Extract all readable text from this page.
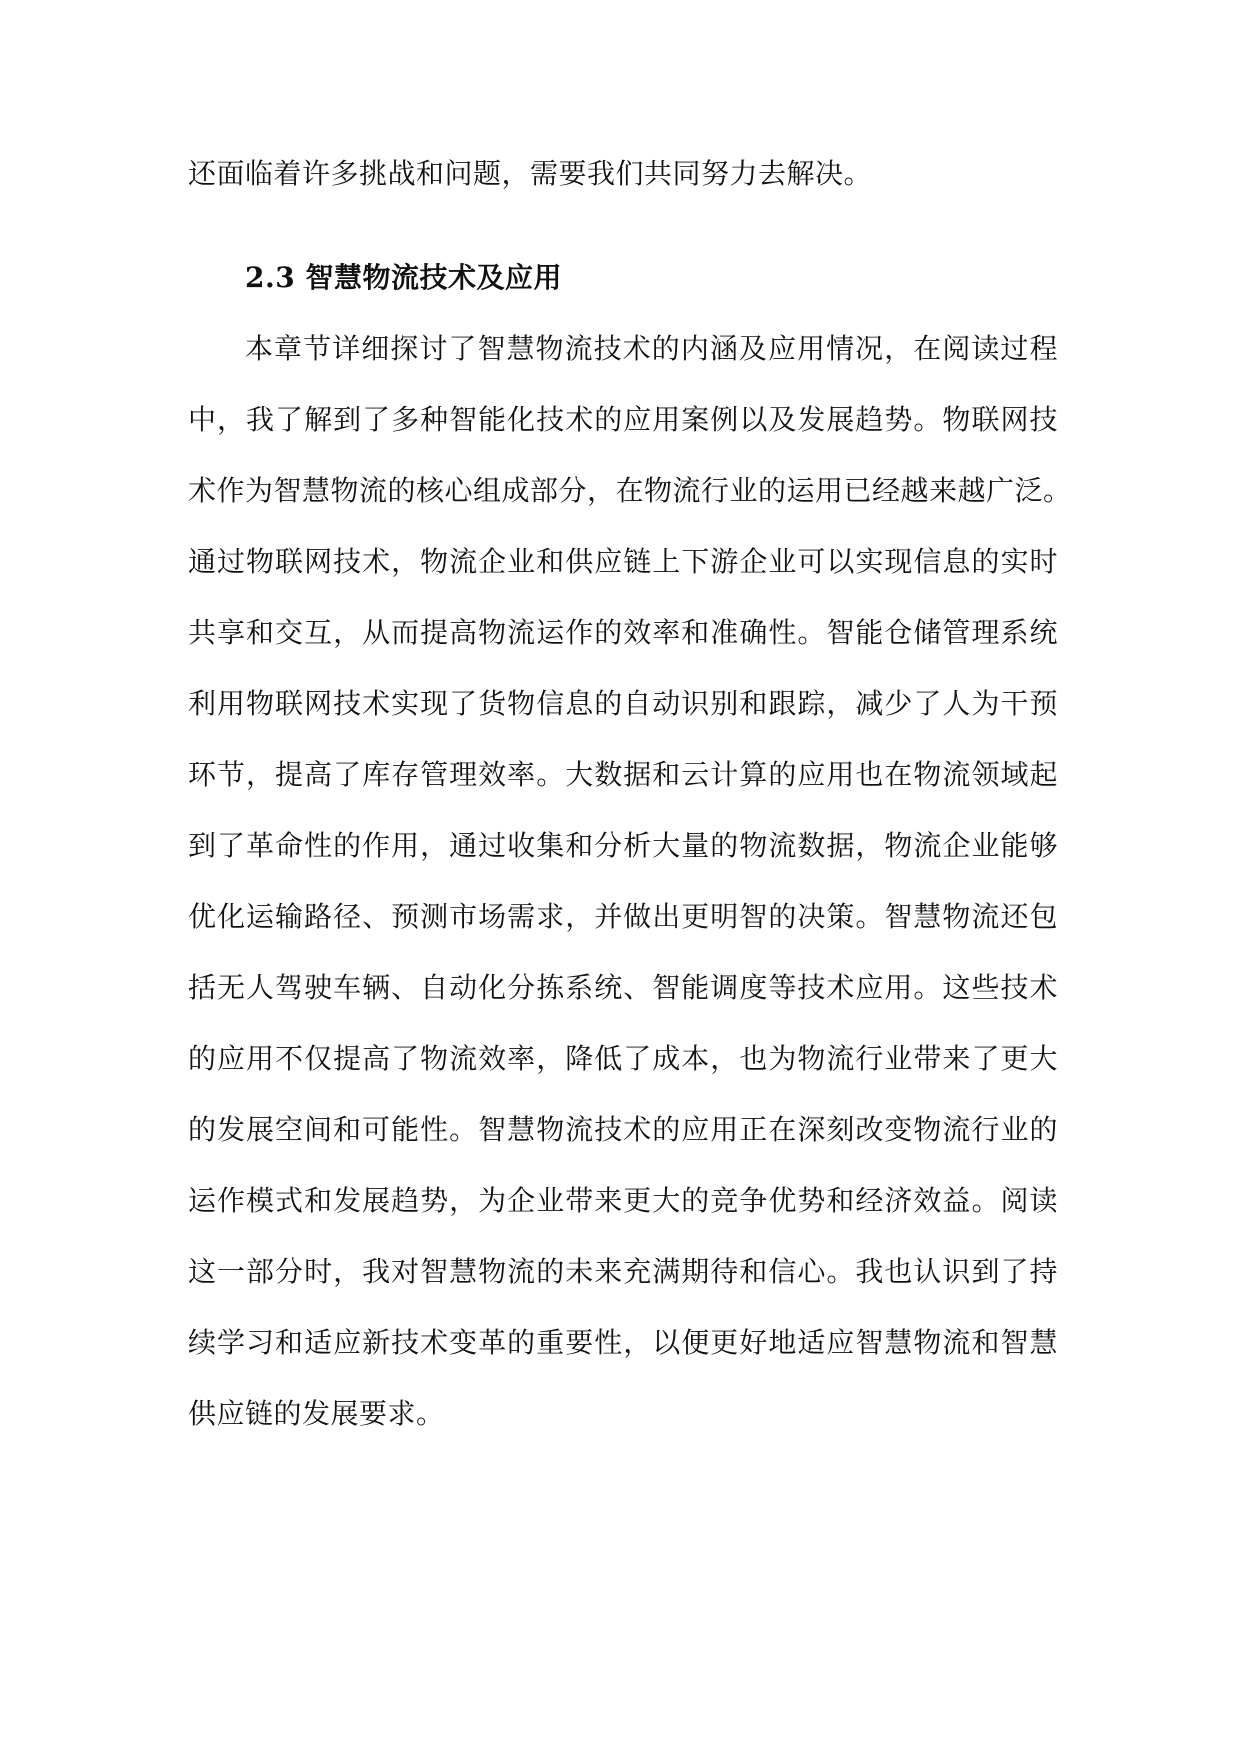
还面临着许多挑战和问题，需要我们共同努力去解决。
2.3 智慧物流技术及应用
本章节详细探讨了智慧物流技术的内涵及应用情况，在阅读过程
中，我了解到了多种智能化技术的应用案例以及发展趋势。物联网技
术作为智慧物流的核心组成部分，在物流行业的运用已经越来越广泛。
通过物联网技术，物流企业和供应链上下游企业可以实现信息的实时
共享和交互，从而提高物流运作的效率和准确性。智能仓储管理系统
利用物联网技术实现了货物信息的自动识别和跟踪，减少了人为干预
环节，提高了库存管理效率。大数据和云计算的应用也在物流领域起
到了革命性的作用，通过收集和分析大量的物流数据，物流企业能够
优化运输路径、预测市场需求，并做出更明智的决策。智慧物流还包
括无人驾驶车辆、自动化分拣系统、智能调度等技术应用。这些技术
的应用不仅提高了物流效率，降低了成本，也为物流行业带来了更大
的发展空间和可能性。智慧物流技术的应用正在深刻改变物流行业的
运作模式和发展趋势，为企业带来更大的竞争优势和经济效益。阅读
这一部分时，我对智慧物流的未来充满期待和信心。我也认识到了持
续学习和适应新技术变革的重要性，以便更好地适应智慧物流和智慧
供应链的发展要求。
